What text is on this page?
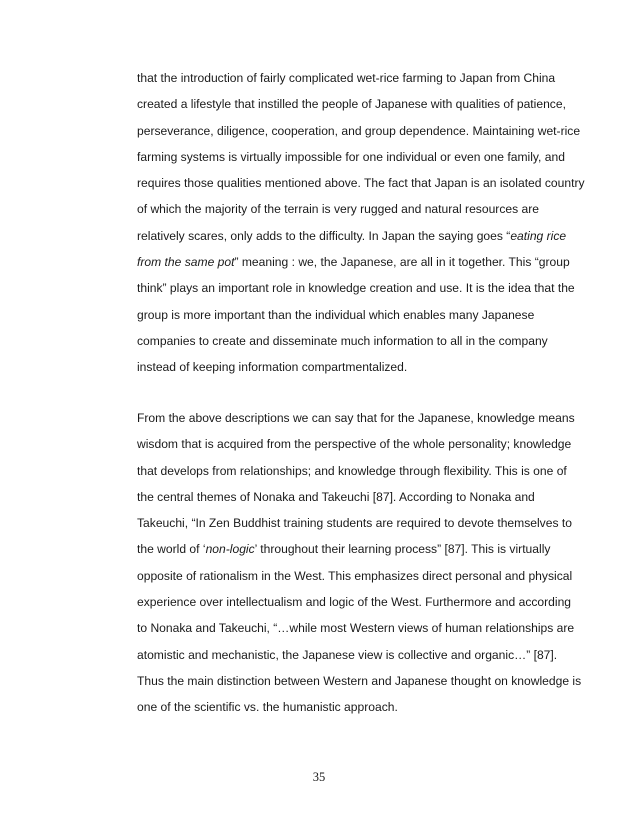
that the introduction of fairly complicated wet-rice farming to Japan from China
created a lifestyle that instilled the people of Japanese with qualities of patience,
perseverance, diligence, cooperation, and group dependence. Maintaining wet-rice
farming systems is virtually impossible for one individual or even one family, and
requires those qualities mentioned above. The fact that Japan is an isolated country
of which the majority of the terrain is very rugged and natural resources are
relatively scares, only adds to the difficulty. In Japan the saying goes “eating rice
from the same pot” meaning : we, the Japanese, are all in it together. This “group
think” plays an important role in knowledge creation and use. It is the idea that the
group is more important than the individual which enables many Japanese
companies to create and disseminate much information to all in the company
instead of keeping information compartmentalized.
From the above descriptions we can say that for the Japanese, knowledge means
wisdom that is acquired from the perspective of the whole personality; knowledge
that develops from relationships; and knowledge through flexibility. This is one of
the central themes of Nonaka and Takeuchi [87]. According to Nonaka and
Takeuchi, “In Zen Buddhist training students are required to devote themselves to
the world of ‘non-logic’ throughout their learning process” [87]. This is virtually
opposite of rationalism in the West. This emphasizes direct personal and physical
experience over intellectualism and logic of the West. Furthermore and according
to Nonaka and Takeuchi, “…while most Western views of human relationships are
atomistic and mechanistic, the Japanese view is collective and organic…” [87].
Thus the main distinction between Western and Japanese thought on knowledge is
one of the scientific vs. the humanistic approach.
35
